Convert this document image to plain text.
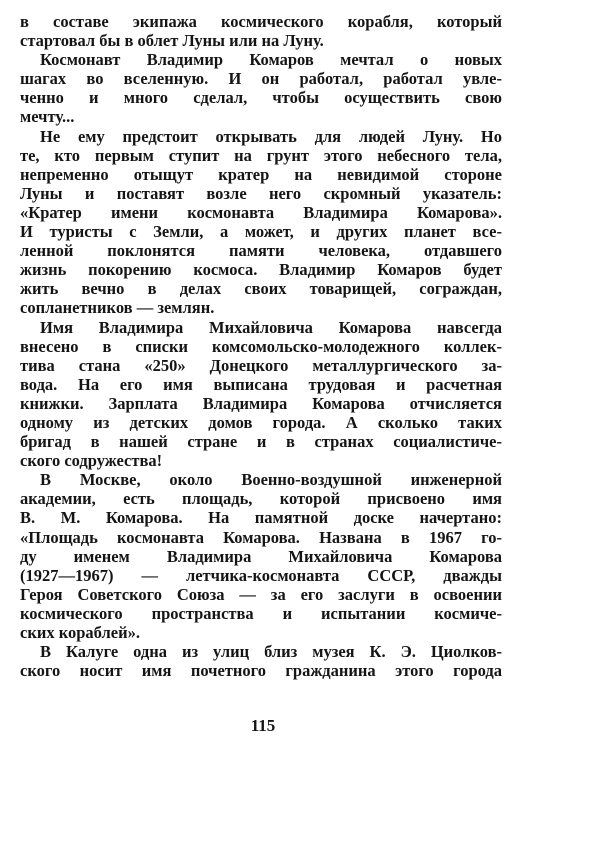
в составе экипажа космического корабля, который
стартовал бы в облет Луны или на Луну.
Космонавт Владимир Комаров мечтал о новых
шагах во вселенную. И он работал, работал увле-
ченно и много сделал, чтобы осуществить свою
мечту...
Не ему предстоит открывать для людей Луну. Но
те, кто первым ступит на грунт этого небесного тела,
непременно отыщут кратер на невидимой стороне
Луны и поставят возле него скромный указатель:
«Кратер имени космонавта Владимира Комарова».
И туристы с Земли, а может, и других планет все-
ленной поклонятся памяти человека, отдавшего
жизнь покорению космоса. Владимир Комаров будет
жить вечно в делах своих товарищей, сограждан,
сопланетников — землян.
Имя Владимира Михайловича Комарова навсегда
внесено в списки комсомольско-молодежного коллек-
тива стана «250» Донецкого металлургического за-
вода. На его имя выписана трудовая и расчетная
книжки. Зарплата Владимира Комарова отчисляется
одному из детских домов города. А сколько таких
бригад в нашей стране и в странах социалистиче-
ского содружества!
В Москве, около Военно-воздушной инженерной
академии, есть площадь, которой присвоено имя
В. М. Комарова. На памятной доске начертано:
«Площадь космонавта Комарова. Названа в 1967 го-
ду именем Владимира Михайловича Комарова
(1927—1967) — летчика-космонавта СССР, дважды
Героя Советского Союза — за его заслуги в освоении
космического пространства и испытании космиче-
ских кораблей».
В Калуге одна из улиц близ музея К. Э. Циолков-
ского носит имя почетного гражданина этого города
115
